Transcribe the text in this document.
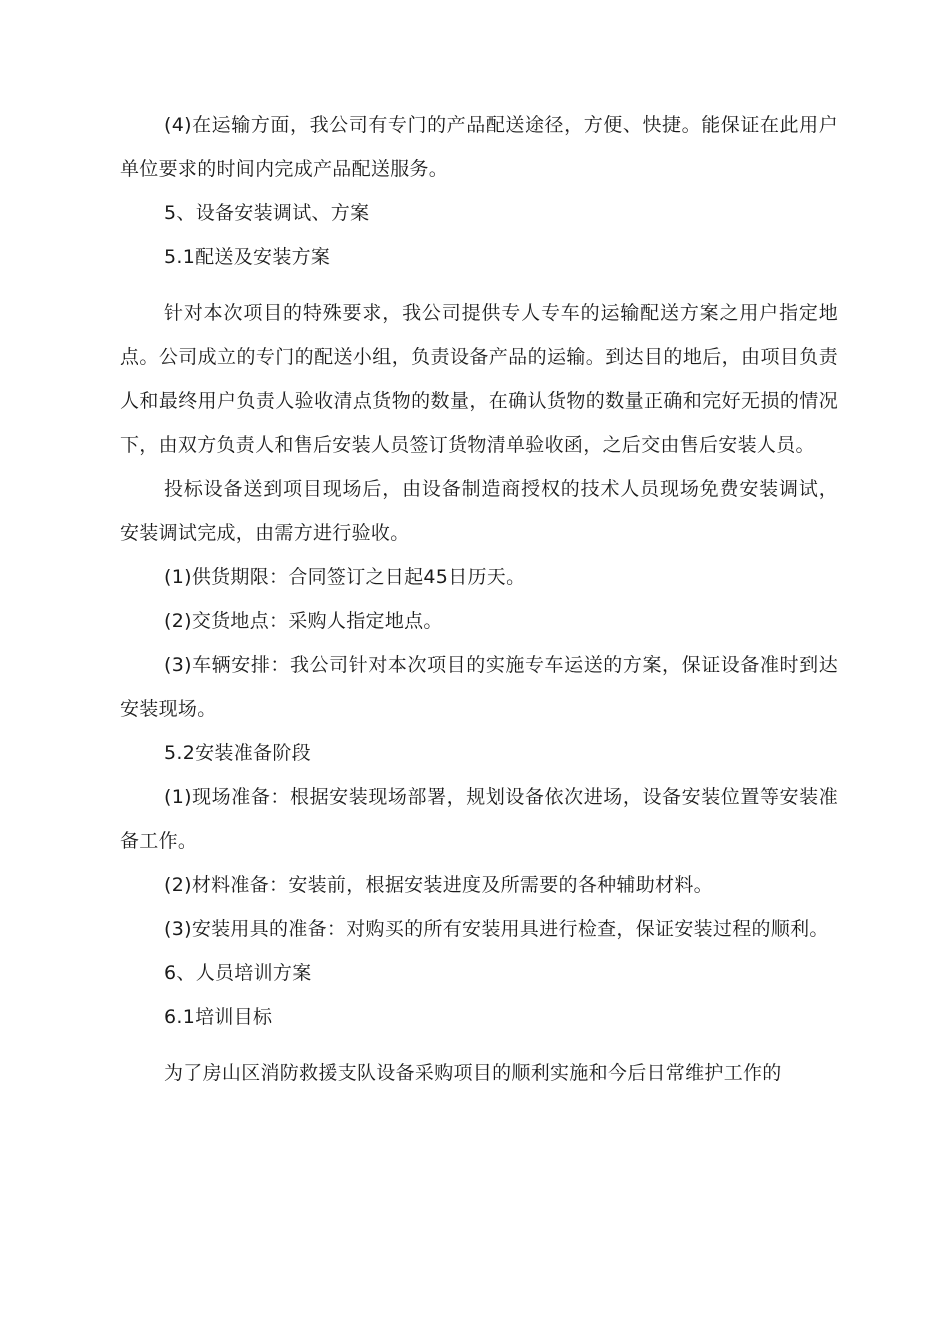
(4)在运输方面，我公司有专门的产品配送途径，方便、快捷。能保证在此用户单位要求的时间内完成产品配送服务。

5、设备安装调试、方案

5.1配送及安装方案

针对本次项目的特殊要求，我公司提供专人专车的运输配送方案之用户指定地点。公司成立的专门的配送小组，负责设备产品的运输。到达目的地后，由项目负责人和最终用户负责人验收清点货物的数量，在确认货物的数量正确和完好无损的情况下，由双方负责人和售后安装人员签订货物清单验收函，之后交由售后安装人员。

投标设备送到项目现场后，由设备制造商授权的技术人员现场免费安装调试，安装调试完成，由需方进行验收。

(1)供货期限：合同签订之日起45日历天。

(2)交货地点：采购人指定地点。

(3)车辆安排：我公司针对本次项目的实施专车运送的方案，保证设备准时到达安装现场。

5.2安装准备阶段

(1)现场准备：根据安装现场部署，规划设备依次进场，设备安装位置等安装准备工作。

(2)材料准备：安装前，根据安装进度及所需要的各种辅助材料。

(3)安装用具的准备：对购买的所有安装用具进行检查，保证安装过程的顺利。

6、人员培训方案

6.1培训目标

为了房山区消防救援支队设备采购项目的顺利实施和今后日常维护工作的
